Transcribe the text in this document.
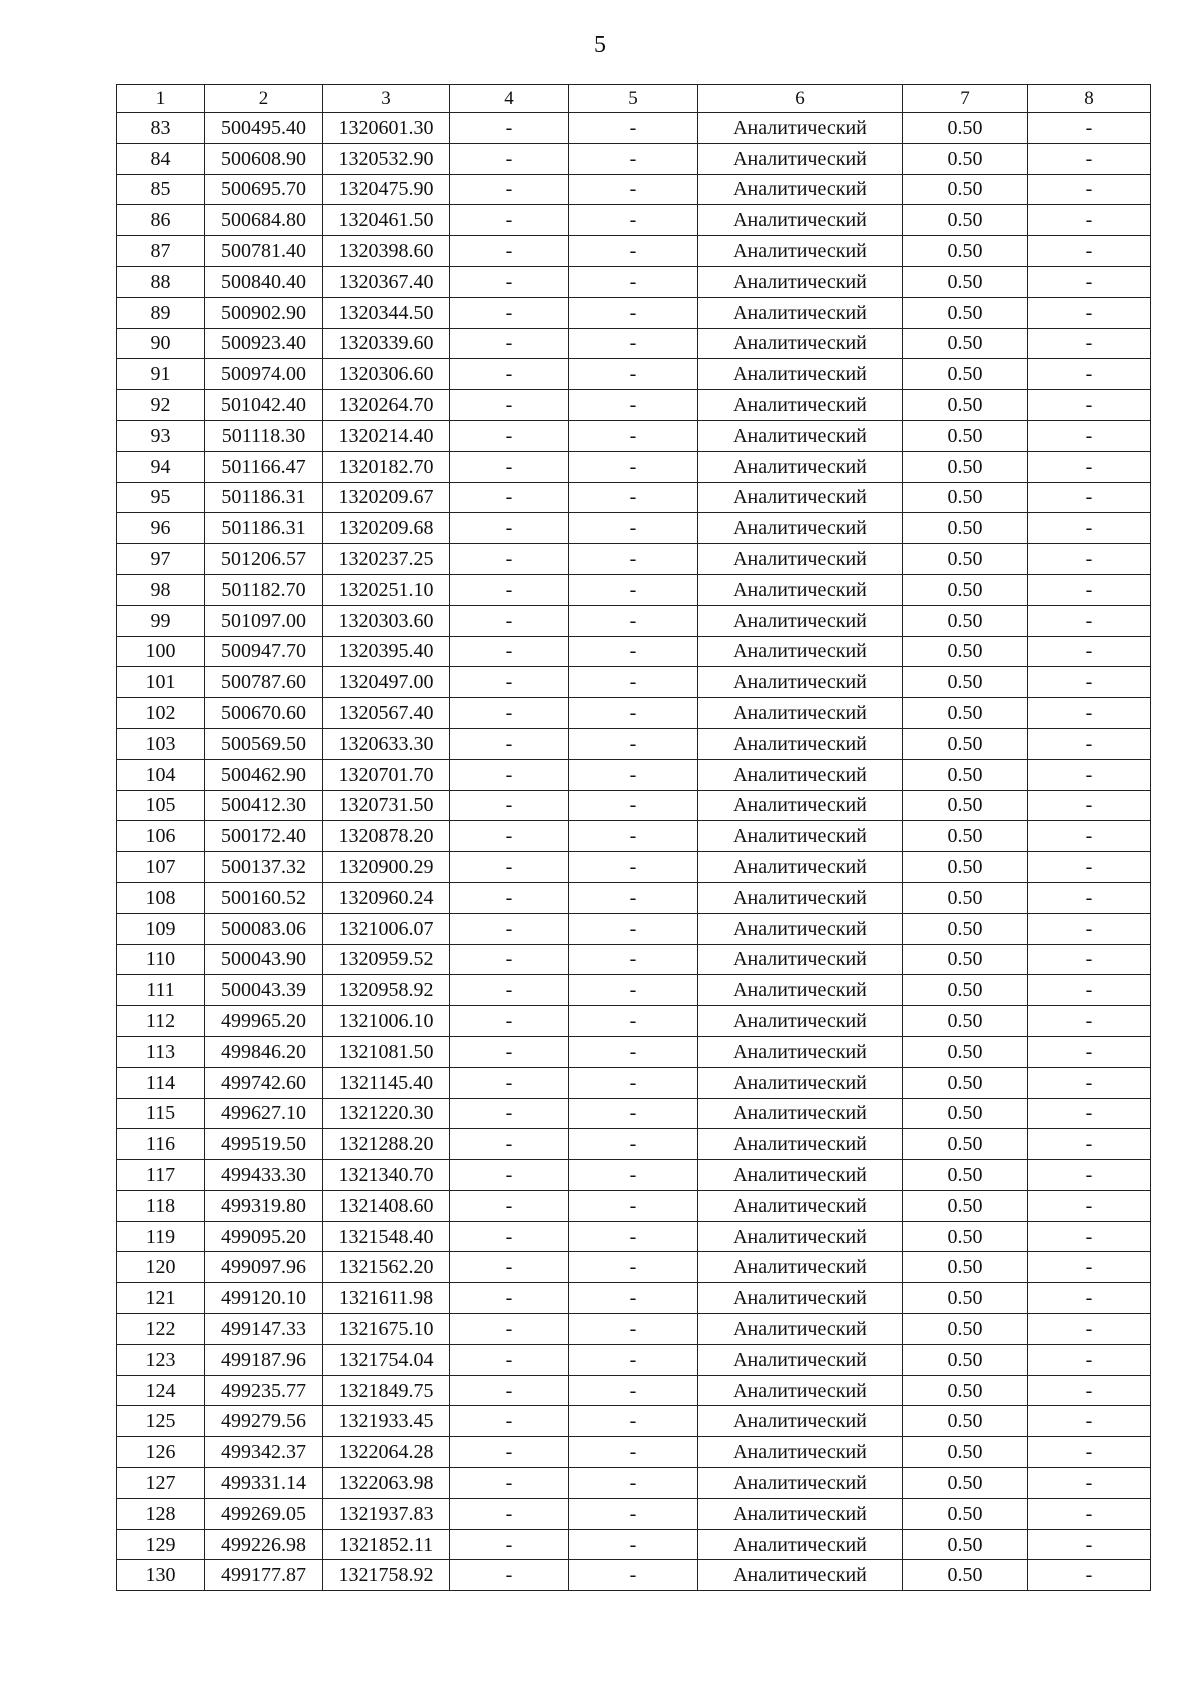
5
1	2	3	4	5	6	7	8
83	500495.40	1320601.30	-	-	Аналитический	0.50	-
84	500608.90	1320532.90	-	-	Аналитический	0.50	-
85	500695.70	1320475.90	-	-	Аналитический	0.50	-
86	500684.80	1320461.50	-	-	Аналитический	0.50	-
87	500781.40	1320398.60	-	-	Аналитический	0.50	-
88	500840.40	1320367.40	-	-	Аналитический	0.50	-
89	500902.90	1320344.50	-	-	Аналитический	0.50	-
90	500923.40	1320339.60	-	-	Аналитический	0.50	-
91	500974.00	1320306.60	-	-	Аналитический	0.50	-
92	501042.40	1320264.70	-	-	Аналитический	0.50	-
93	501118.30	1320214.40	-	-	Аналитический	0.50	-
94	501166.47	1320182.70	-	-	Аналитический	0.50	-
95	501186.31	1320209.67	-	-	Аналитический	0.50	-
96	501186.31	1320209.68	-	-	Аналитический	0.50	-
97	501206.57	1320237.25	-	-	Аналитический	0.50	-
98	501182.70	1320251.10	-	-	Аналитический	0.50	-
99	501097.00	1320303.60	-	-	Аналитический	0.50	-
100	500947.70	1320395.40	-	-	Аналитический	0.50	-
101	500787.60	1320497.00	-	-	Аналитический	0.50	-
102	500670.60	1320567.40	-	-	Аналитический	0.50	-
103	500569.50	1320633.30	-	-	Аналитический	0.50	-
104	500462.90	1320701.70	-	-	Аналитический	0.50	-
105	500412.30	1320731.50	-	-	Аналитический	0.50	-
106	500172.40	1320878.20	-	-	Аналитический	0.50	-
107	500137.32	1320900.29	-	-	Аналитический	0.50	-
108	500160.52	1320960.24	-	-	Аналитический	0.50	-
109	500083.06	1321006.07	-	-	Аналитический	0.50	-
110	500043.90	1320959.52	-	-	Аналитический	0.50	-
111	500043.39	1320958.92	-	-	Аналитический	0.50	-
112	499965.20	1321006.10	-	-	Аналитический	0.50	-
113	499846.20	1321081.50	-	-	Аналитический	0.50	-
114	499742.60	1321145.40	-	-	Аналитический	0.50	-
115	499627.10	1321220.30	-	-	Аналитический	0.50	-
116	499519.50	1321288.20	-	-	Аналитический	0.50	-
117	499433.30	1321340.70	-	-	Аналитический	0.50	-
118	499319.80	1321408.60	-	-	Аналитический	0.50	-
119	499095.20	1321548.40	-	-	Аналитический	0.50	-
120	499097.96	1321562.20	-	-	Аналитический	0.50	-
121	499120.10	1321611.98	-	-	Аналитический	0.50	-
122	499147.33	1321675.10	-	-	Аналитический	0.50	-
123	499187.96	1321754.04	-	-	Аналитический	0.50	-
124	499235.77	1321849.75	-	-	Аналитический	0.50	-
125	499279.56	1321933.45	-	-	Аналитический	0.50	-
126	499342.37	1322064.28	-	-	Аналитический	0.50	-
127	499331.14	1322063.98	-	-	Аналитический	0.50	-
128	499269.05	1321937.83	-	-	Аналитический	0.50	-
129	499226.98	1321852.11	-	-	Аналитический	0.50	-
130	499177.87	1321758.92	-	-	Аналитический	0.50	-
